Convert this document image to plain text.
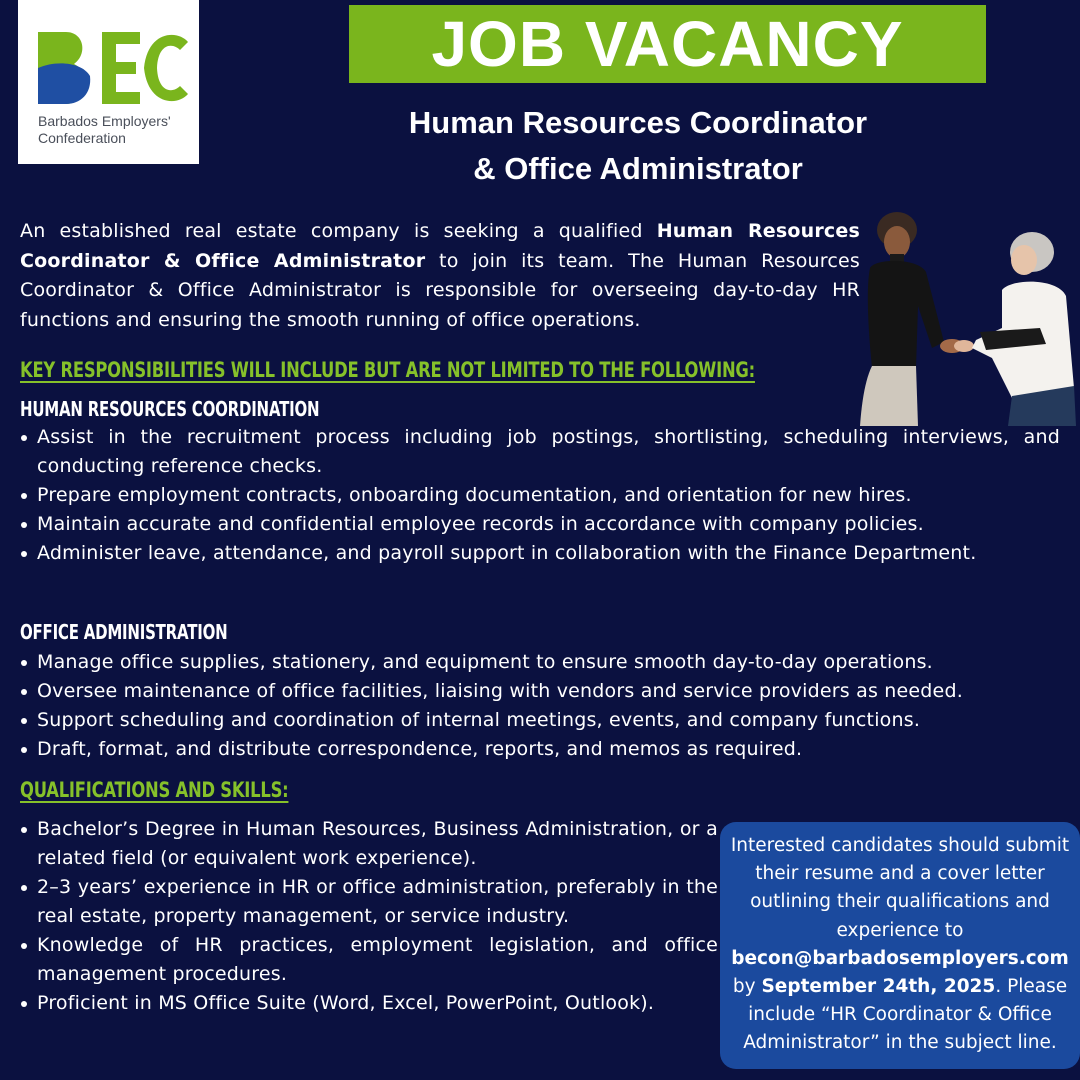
Barbados Employers'
Confederation
JOB VACANCY
Human Resources Coordinator
& Office Administrator

An established real estate company is seeking a qualified Human Resources Coordinator & Office Administrator to join its team. The Human Resources Coordinator & Office Administrator is responsible for overseeing day-to-day HR functions and ensuring the smooth running of office operations.

KEY RESPONSIBILITIES WILL INCLUDE BUT ARE NOT LIMITED TO THE FOLLOWING:
HUMAN RESOURCES COORDINATION
Assist in the recruitment process including job postings, shortlisting, scheduling interviews, and conducting reference checks.
Prepare employment contracts, onboarding documentation, and orientation for new hires.
Maintain accurate and confidential employee records in accordance with company policies.
Administer leave, attendance, and payroll support in collaboration with the Finance Department.
OFFICE ADMINISTRATION
Manage office supplies, stationery, and equipment to ensure smooth day-to-day operations.
Oversee maintenance of office facilities, liaising with vendors and service providers as needed.
Support scheduling and coordination of internal meetings, events, and company functions.
Draft, format, and distribute correspondence, reports, and memos as required.
QUALIFICATIONS AND SKILLS:
Bachelor’s Degree in Human Resources, Business Administration, or a related field (or equivalent work experience).
2–3 years’ experience in HR or office administration, preferably in the real estate, property management, or service industry.
Knowledge of HR practices, employment legislation, and office management procedures.
Proficient in MS Office Suite (Word, Excel, PowerPoint, Outlook).
Interested candidates should submit their resume and a cover letter outlining their qualifications and experience to becon@barbadosemployers.com by September 24th, 2025. Please include “HR Coordinator & Office Administrator” in the subject line.
